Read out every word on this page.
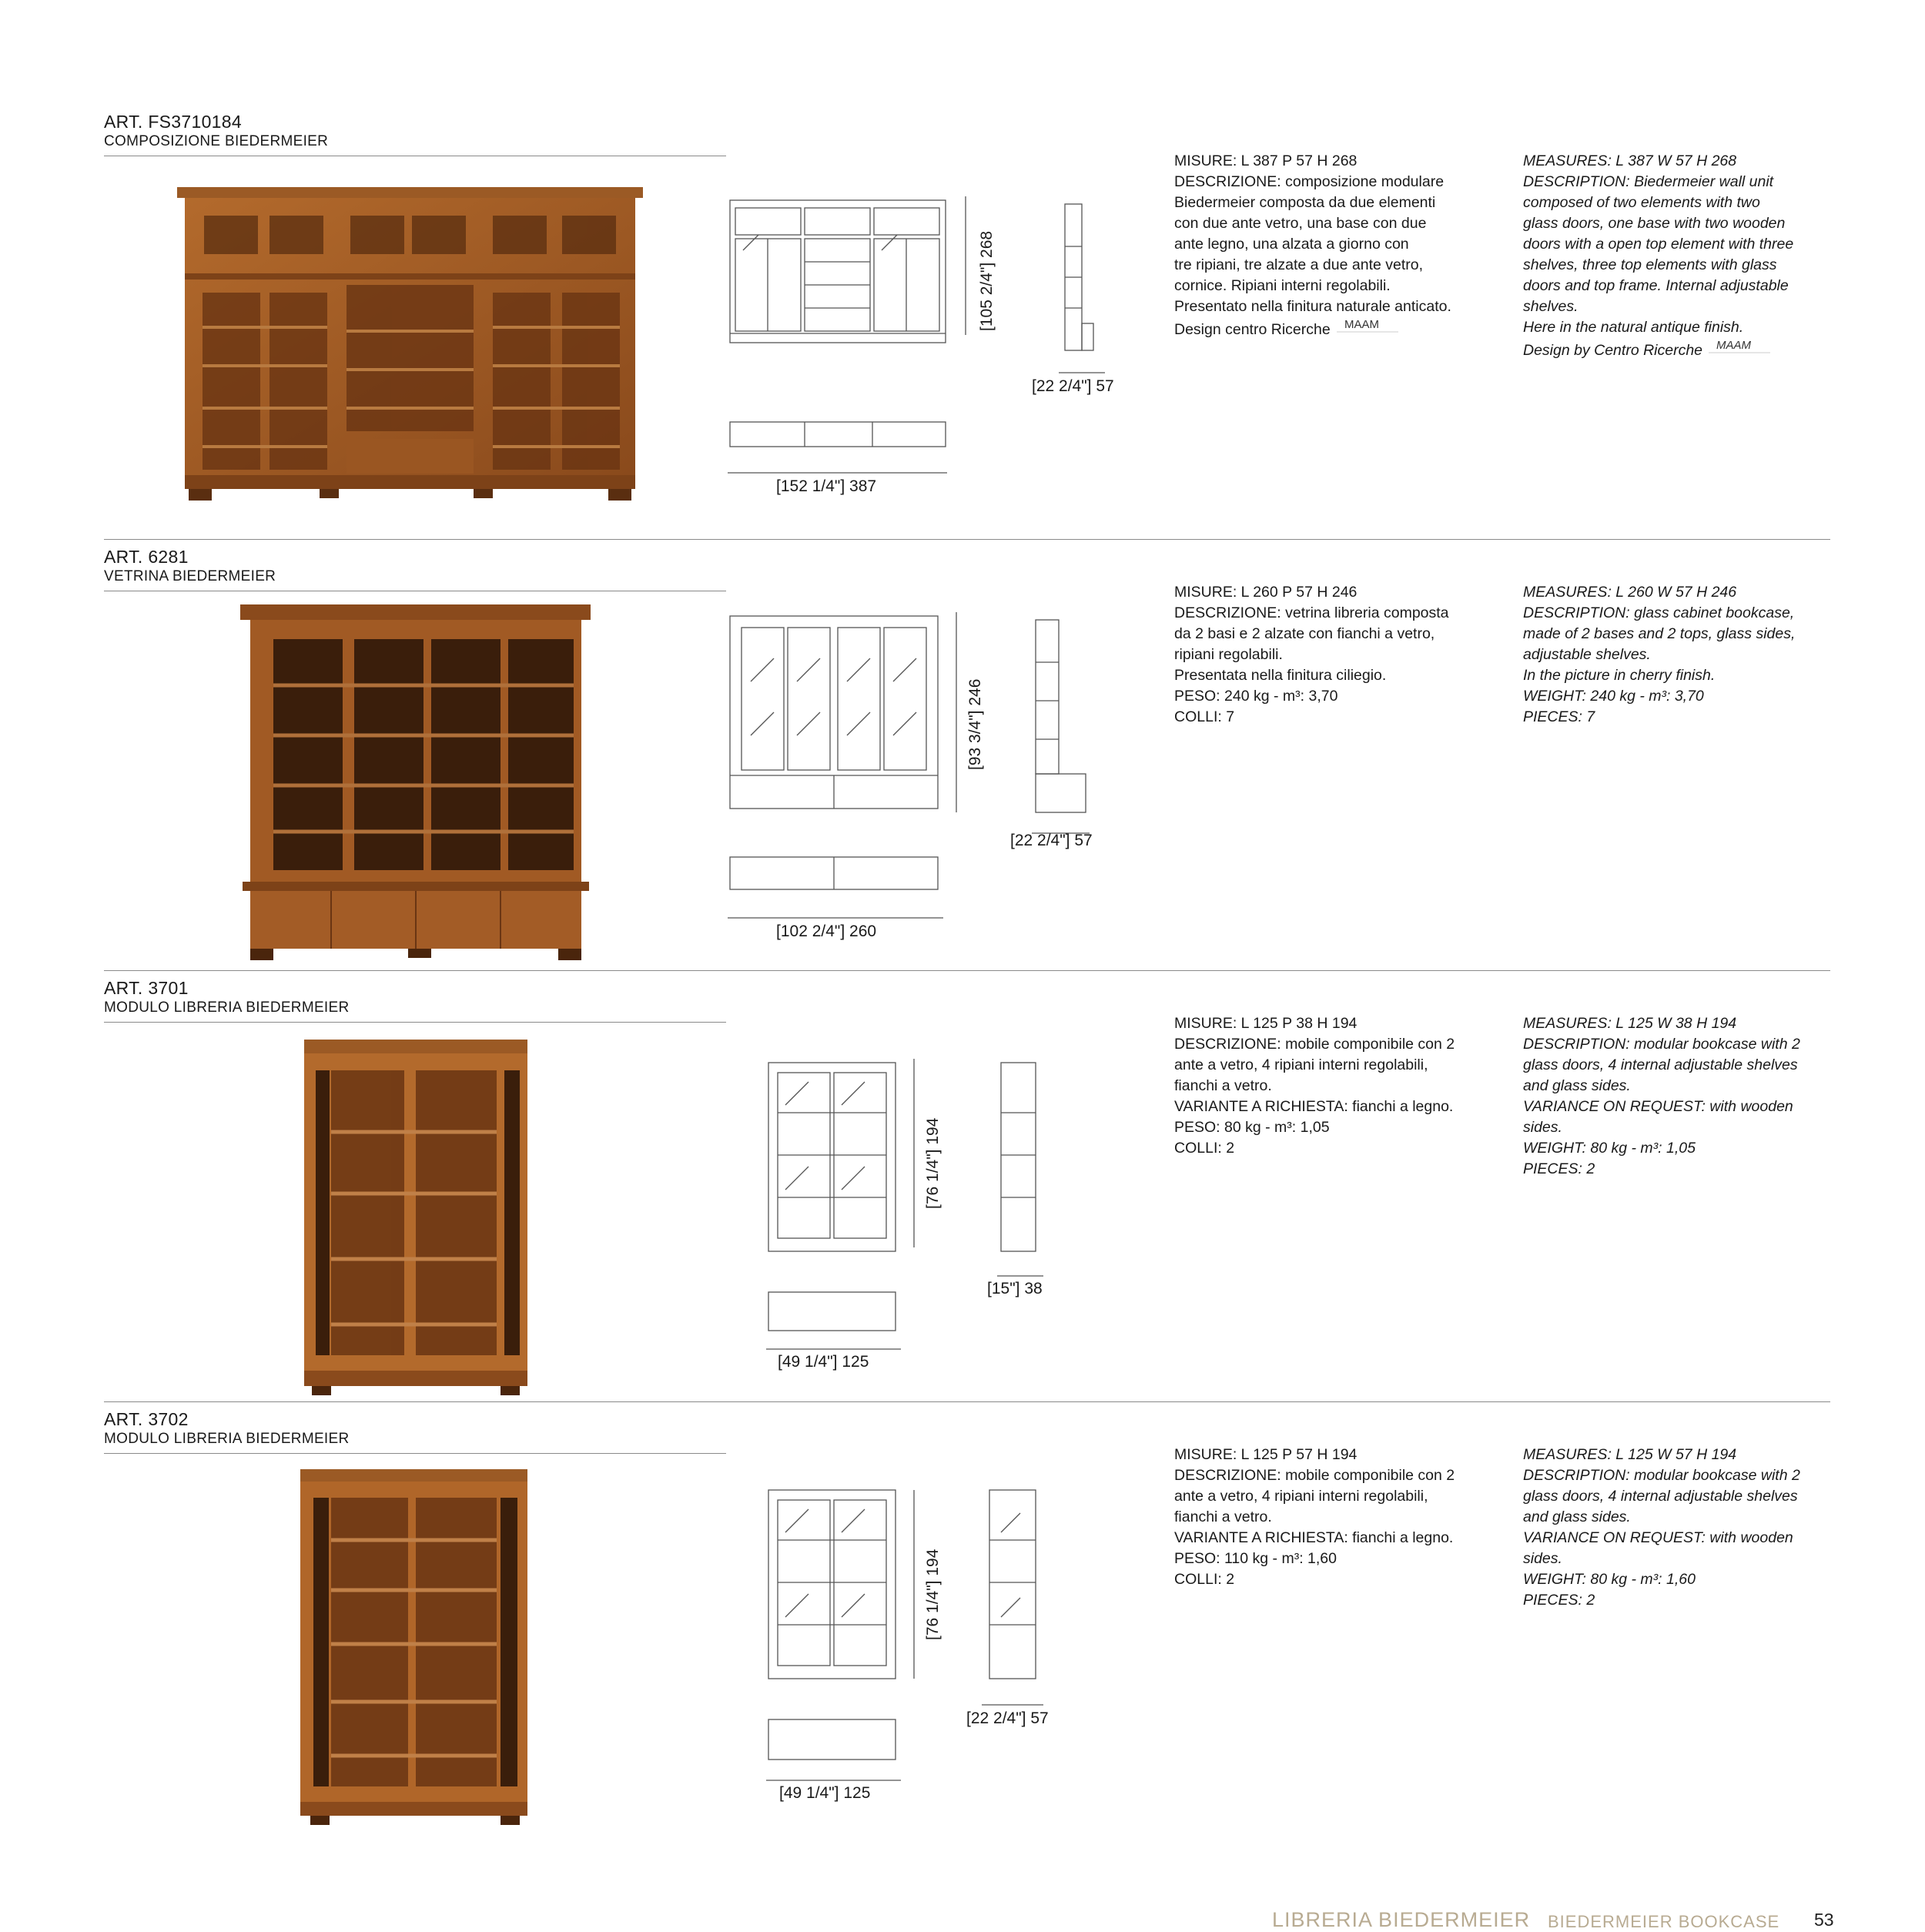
ART. FS3710184
COMPOSIZIONE BIEDERMEIER
[105 2/4"] 268
[22 2/4"] 57
[152 1/4"] 387
MISURE: L 387 P 57 H 268
DESCRIZIONE: composizione modulare
Biedermeier composta da due elementi
con due ante vetro, una base con due
ante legno, una alzata a giorno con
tre ripiani, tre alzate a due ante vetro,
cornice. Ripiani interni regolabili.
Presentato nella finitura naturale anticato.
Design centro Ricerche MAAM
MEASURES: L 387 W 57 H 268
DESCRIPTION: Biedermeier wall unit
composed of two elements with two
glass doors, one base with two wooden
doors with a open top element with three
shelves, three top elements with glass
doors and top frame. Internal adjustable
shelves.
Here in the natural antique finish.
Design by Centro Ricerche MAAM
ART. 6281
VETRINA BIEDERMEIER
[93 3/4"] 246
[22 2/4"] 57
[102 2/4"] 260
MISURE: L 260 P 57 H 246
DESCRIZIONE: vetrina libreria composta
da 2 basi e 2 alzate con fianchi a vetro,
ripiani regolabili.
Presentata nella finitura ciliegio.
PESO: 240 kg - m³: 3,70
COLLI: 7
MEASURES: L 260 W 57 H 246
DESCRIPTION: glass cabinet bookcase,
made of 2 bases and 2 tops, glass sides,
adjustable shelves.
In the picture in cherry finish.
WEIGHT: 240 kg - m³: 3,70
PIECES: 7
ART. 3701
MODULO LIBRERIA BIEDERMEIER
[76 1/4"] 194
[15"] 38
[49 1/4"] 125
MISURE: L 125 P 38 H 194
DESCRIZIONE: mobile componibile con 2
ante a vetro, 4 ripiani interni regolabili,
fianchi a vetro.
VARIANTE A RICHIESTA: fianchi a legno.
PESO: 80 kg - m³: 1,05
COLLI: 2
MEASURES: L 125 W 38 H 194
DESCRIPTION: modular bookcase with 2
glass doors, 4 internal adjustable shelves
and glass sides.
VARIANCE ON REQUEST: with wooden
sides.
WEIGHT: 80 kg - m³: 1,05
PIECES: 2
ART. 3702
MODULO LIBRERIA BIEDERMEIER
[76 1/4"] 194
[22 2/4"] 57
[49 1/4"] 125
MISURE: L 125 P 57 H 194
DESCRIZIONE: mobile componibile con 2
ante a vetro, 4 ripiani interni regolabili,
fianchi a vetro.
VARIANTE A RICHIESTA: fianchi a legno.
PESO: 110 kg - m³: 1,60
COLLI: 2
MEASURES: L 125 W 57 H 194
DESCRIPTION: modular bookcase with 2
glass doors, 4 internal adjustable shelves
and glass sides.
VARIANCE ON REQUEST: with wooden
sides.
WEIGHT: 80 kg - m³: 1,60
PIECES: 2
LIBRERIA BIEDERMEIER BIEDERMEIER BOOKCASE 53
